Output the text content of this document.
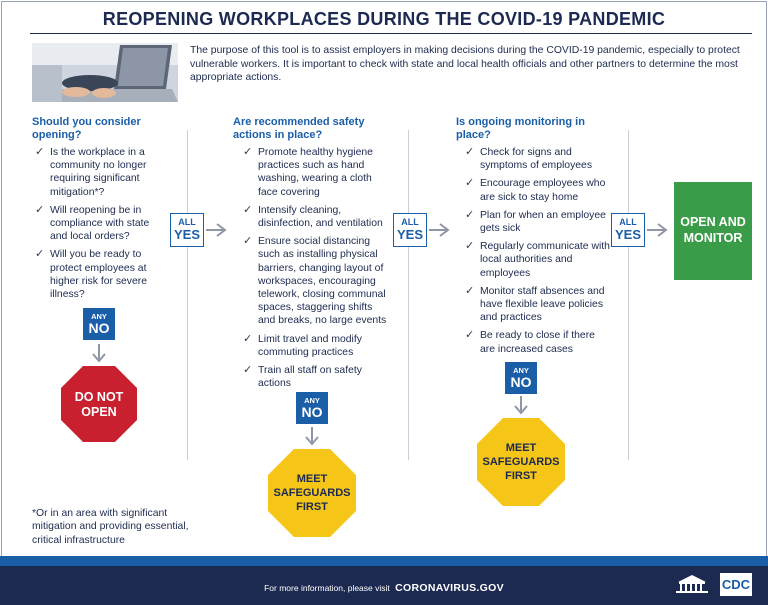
REOPENING WORKPLACES DURING THE COVID-19 PANDEMIC

The purpose of this tool is to assist employers in making decisions during the COVID-19 pandemic, especially to protect vulnerable workers. It is important to check with state and local health officials and other partners to determine the most appropriate actions.

Should you consider opening?
✓ Is the workplace in a community no longer requiring significant mitigation*?
✓ Will reopening be in compliance with state and local orders?
✓ Will you be ready to protect employees at higher risk for severe illness?
ANY
NO
DO NOT
OPEN
ALL
YES
Are recommended safety actions in place?
✓ Promote healthy hygiene practices such as hand washing, wearing a cloth face covering
✓ Intensify cleaning, disinfection, and ventilation
✓ Ensure social distancing such as installing physical barriers, changing layout of workspaces, encouraging telework, closing communal spaces, staggering shifts and breaks, no large events
✓ Limit travel and modify commuting practices
✓ Train all staff on safety actions
ANY
NO
MEET
SAFEGUARDS
FIRST
ALL
YES
Is ongoing monitoring in place?
✓ Check for signs and symptoms of employees
✓ Encourage employees who are sick to stay home
✓ Plan for when an employee gets sick
✓ Regularly communicate with local authorities and employees
✓ Monitor staff absences and have flexible leave policies and practices
✓ Be ready to close if there are increased cases
ANY
NO
MEET
SAFEGUARDS
FIRST
ALL
YES
OPEN AND
MONITOR

*Or in an area with significant mitigation and providing essential, critical infrastructure

For more information, please visit CORONAVIRUS.GOV	CDC
